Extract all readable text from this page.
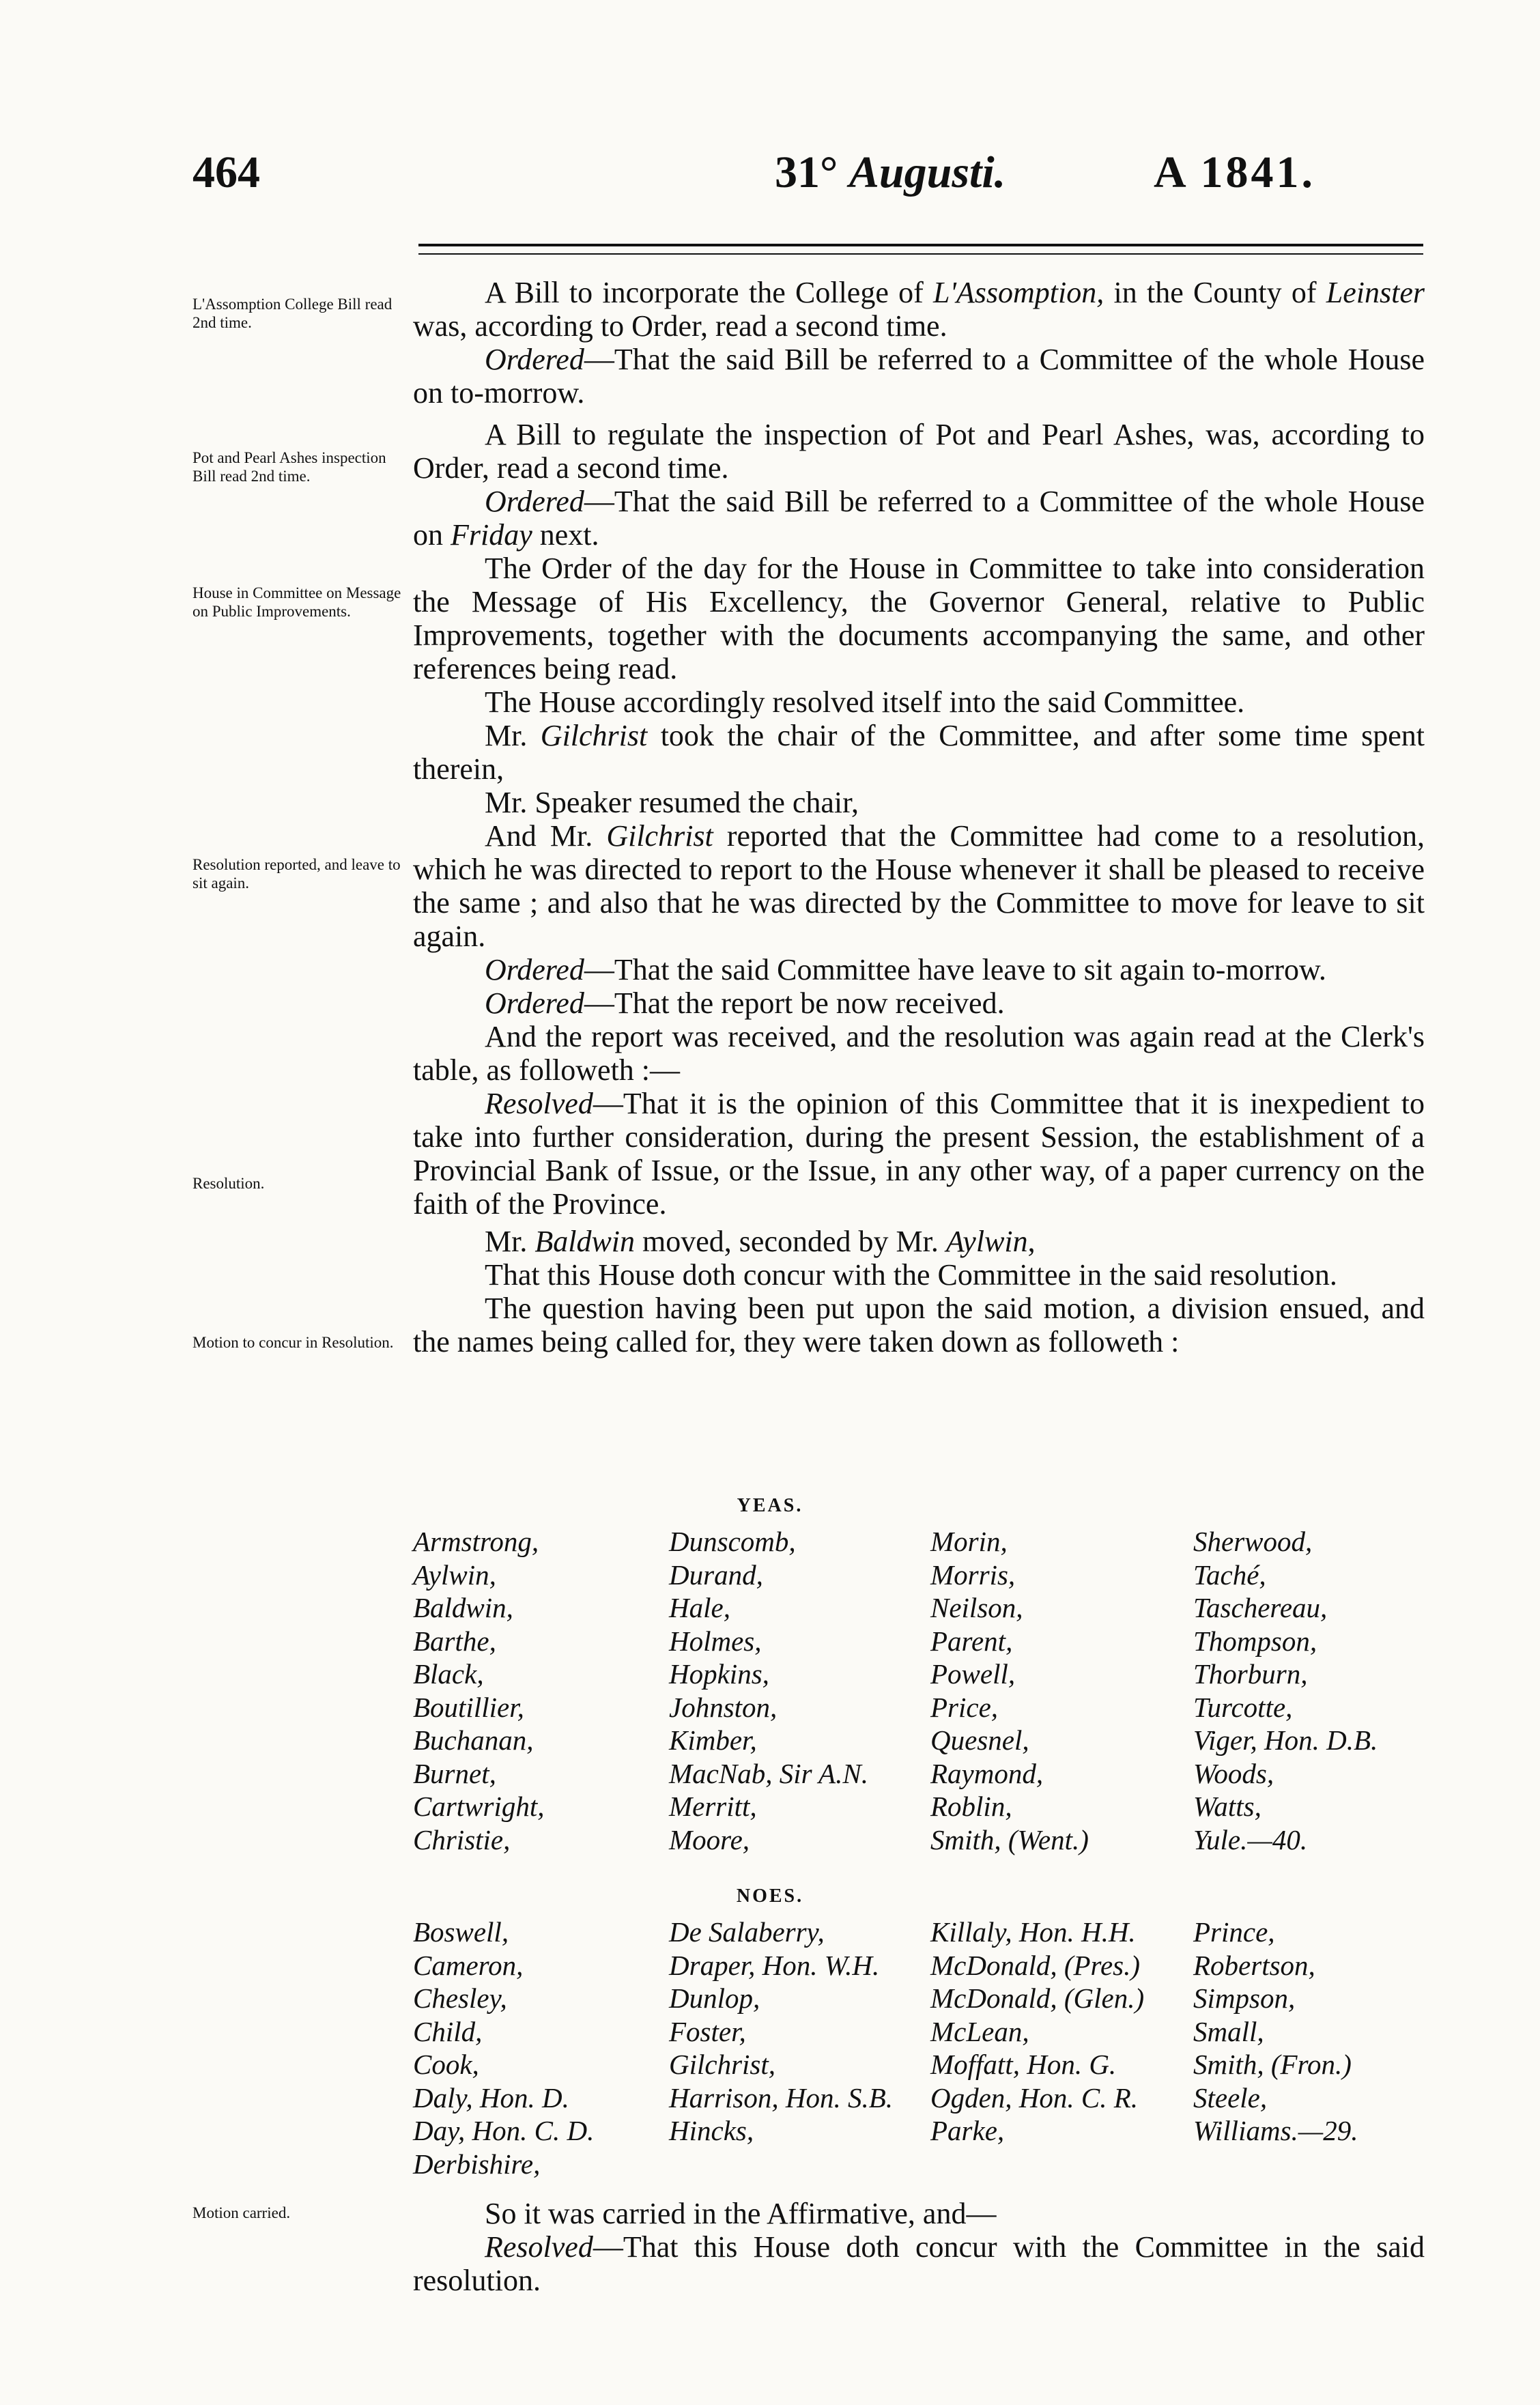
464	31° Augusti.	A 1841.
L'Assomption College Bill read 2nd time.
Pot and Pearl Ashes inspection Bill read 2nd time.
House in Committee on Message on Public Improvements.
Resolution reported, and leave to sit again.
Resolution.
Motion to concur in Resolution.
Motion carried.

A Bill to incorporate the College of L'Assomption, in the County of Leinster was, according to Order, read a second time.

Ordered—That the said Bill be referred to a Committee of the whole House on to-morrow.

A Bill to regulate the inspection of Pot and Pearl Ashes, was, according to Order, read a second time.

Ordered—That the said Bill be referred to a Committee of the whole House on Friday next.

The Order of the day for the House in Committee to take into consideration the Message of His Excellency, the Governor General, relative to Public Improvements, together with the documents accompanying the same, and other references being read.

The House accordingly resolved itself into the said Committee.

Mr. Gilchrist took the chair of the Committee, and after some time spent therein,

Mr. Speaker resumed the chair,

And Mr. Gilchrist reported that the Committee had come to a resolution, which he was directed to report to the House whenever it shall be pleased to receive the same ; and also that he was directed by the Committee to move for leave to sit again.

Ordered—That the said Committee have leave to sit again to-morrow.

Ordered—That the report be now received.

And the report was received, and the resolution was again read at the Clerk's table, as followeth :—

Resolved—That it is the opinion of this Committee that it is inexpedient to take into further consideration, during the present Session, the establishment of a Provincial Bank of Issue, or the Issue, in any other way, of a paper currency on the faith of the Province.

Mr. Baldwin moved, seconded by Mr. Aylwin,

That this House doth concur with the Committee in the said resolution.

The question having been put upon the said motion, a division ensued, and the names being called for, they were taken down as followeth :

YEAS.
Armstrong,
Aylwin,
Baldwin,
Barthe,
Black,
Boutillier,
Buchanan,
Burnet,
Cartwright,
Christie,
Dunscomb,
Durand,
Hale,
Holmes,
Hopkins,
Johnston,
Kimber,
MacNab, Sir A.N.
Merritt,
Moore,
Morin,
Morris,
Neilson,
Parent,
Powell,
Price,
Quesnel,
Raymond,
Roblin,
Smith, (Went.)
Sherwood,
Taché,
Taschereau,
Thompson,
Thorburn,
Turcotte,
Viger, Hon. D.B.
Woods,
Watts,
Yule.—40.
NOES.
Boswell,
Cameron,
Chesley,
Child,
Cook,
Daly, Hon. D.
Day, Hon. C. D.
Derbishire,
De Salaberry,
Draper, Hon. W.H.
Dunlop,
Foster,
Gilchrist,
Harrison, Hon. S.B.
Hincks,
Killaly, Hon. H.H.
McDonald, (Pres.)
McDonald, (Glen.)
McLean,
Moffatt, Hon. G.
Ogden, Hon. C. R.
Parke,
Prince,
Robertson,
Simpson,
Small,
Smith, (Fron.)
Steele,
Williams.—29.

So it was carried in the Affirmative, and—

Resolved—That this House doth concur with the Committee in the said resolution.
